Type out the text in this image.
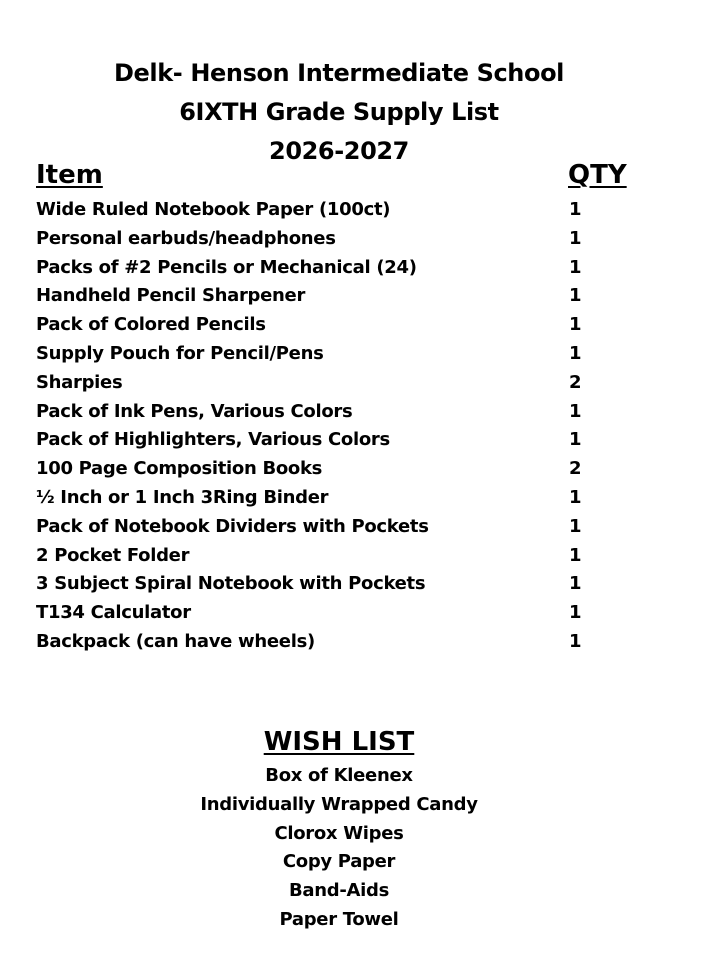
Delk- Henson Intermediate School
6IXTH Grade Supply List
2026-2027
Item	QTY
Wide Ruled Notebook Paper (100ct)	1
Personal earbuds/headphones	1
Packs of #2 Pencils or Mechanical (24)	1
Handheld Pencil Sharpener	1
Pack of Colored Pencils	1
Supply Pouch for Pencil/Pens	1
Sharpies	2
Pack of Ink Pens, Various Colors	1
Pack of Highlighters, Various Colors	1
100 Page Composition Books	2
½ Inch or 1 Inch 3Ring Binder	1
Pack of Notebook Dividers with Pockets	1
2 Pocket Folder	1
3 Subject Spiral Notebook with Pockets	1
T134 Calculator	1
Backpack (can have wheels)	1
WISH LIST
Box of Kleenex
Individually Wrapped Candy
Clorox Wipes
Copy Paper
Band-Aids
Paper Towel
